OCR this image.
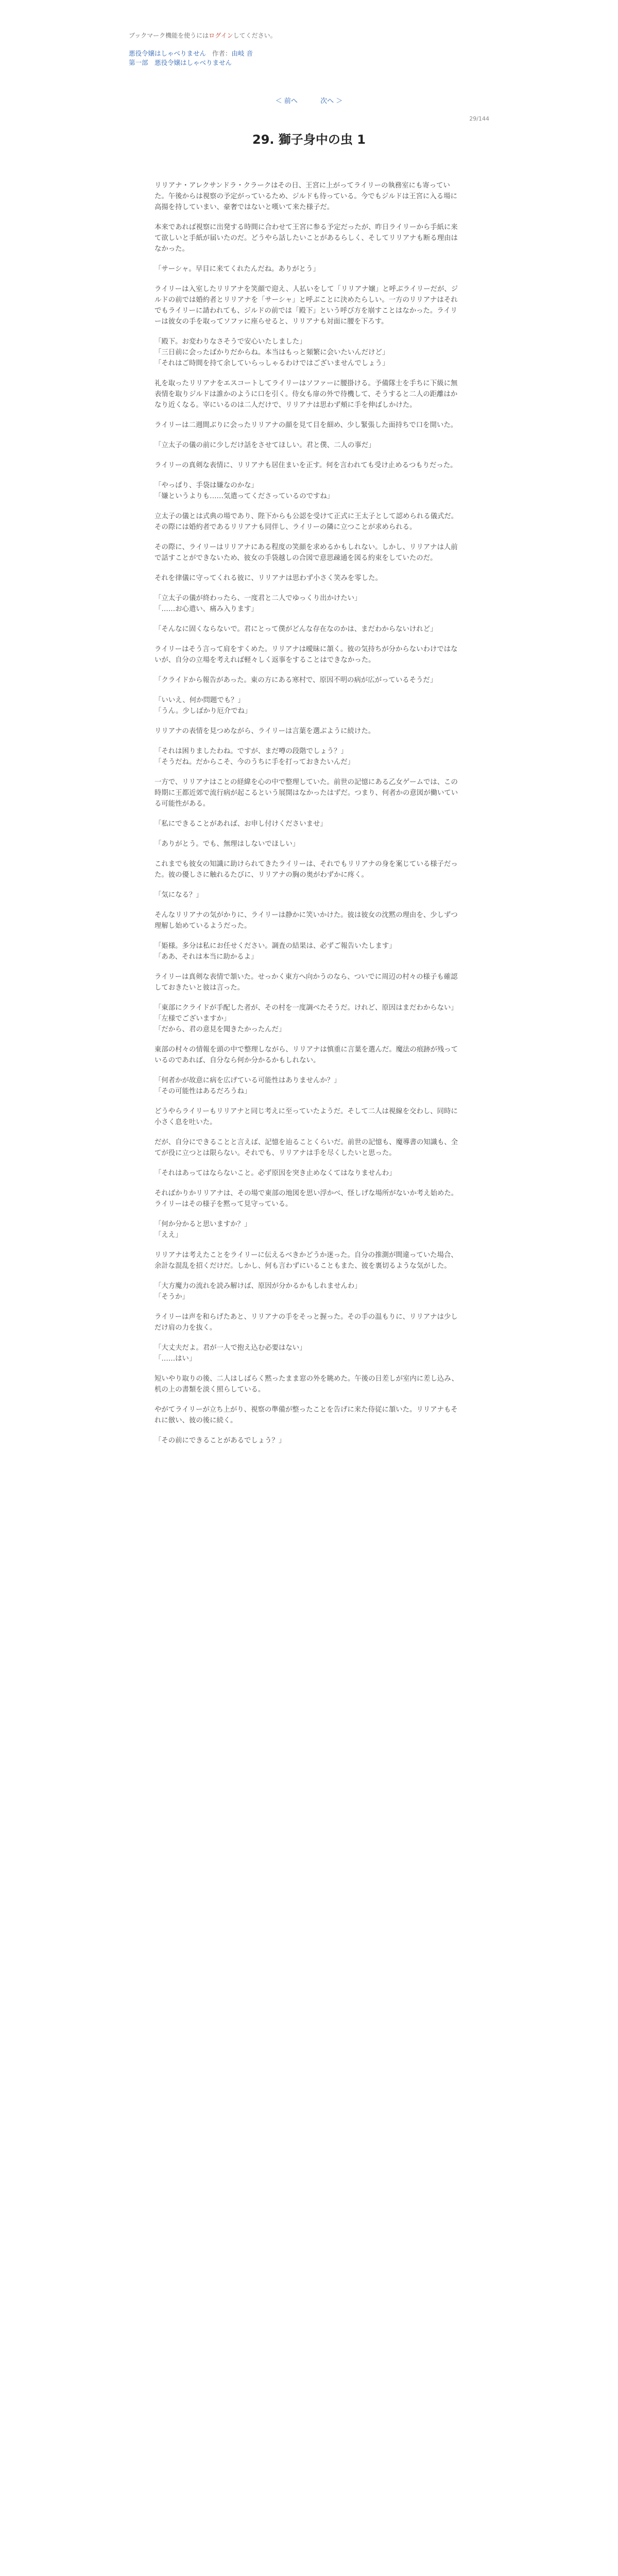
ブックマーク機能を使うにはログインしてください。
悪役令嬢はしゃべりません 作者：由岐 音
第一部　悪役令嬢はしゃべりません
＜ 前へ	次へ ＞
29/144
29. 獅子身中の虫 1

リリアナ・アレクサンドラ・クラークはその日、王宮に上がってライリーの執務室にも寄っていた。午後からは視察の予定がっているため、ジルドも待っている。今でもジルドは王宮に入る場に高揚を持していまい、豪奢ではないと嘆いて来た様子だ。

本来であれば視察に出発する時間に合わせて王宮に参る予定だったが、昨日ライリーから手紙に来て欲しいと手紙が届いたのだ。どうやら話したいことがあるらしく、そしてリリアナも断る理由はなかった。

「サーシャ。早目に来てくれたんだね。ありがとう」

ライリーは入室したリリアナを笑顔で迎え、人払いをして「リリアナ嬢」と呼ぶライリーだが、ジルドの前では婚約者とリリアナを「サーシャ」と呼ぶことに決めたらしい。一方のリリアナはそれでもライリーに請われても、ジルドの前では「殿下」という呼び方を崩すことはなかった。ライリーは彼女の手を取ってソファに座らせると、リリアナも対面に腰を下ろす。

「殿下。お変わりなさそうで安心いたしました」
「三日前に会ったばかりだからね。本当はもっと頻繁に会いたいんだけど」
「それはご時間を持て余していらっしゃるわけではございませんでしょう」

礼を取ったリリアナをエスコートしてライリーはソファーに腰掛ける。予備隊士を手ちに下級に無表情を取りジルドは誰かのように口を引く。侍女も扉の外で待機して、そうすると二人の距離はかなり近くなる。宰にいるのは二人だけで、リリアナは思わず頬に手を伸ばしかけた。

ライリーは二週間ぶりに会ったリリアナの顔を見て目を細め、少し緊張した面持ちで口を開いた。

「立太子の儀の前に少しだけ話をさせてほしい。君と僕、二人の事だ」

ライリーの真剣な表情に、リリアナも居住まいを正す。何を言われても受け止めるつもりだった。

「やっぱり、手袋は嫌なのかな」
「嫌というよりも……気遣ってくださっているのですね」

立太子の儀とは式典の場であり、陛下からも公認を受けて正式に王太子として認められる儀式だ。その際には婚約者であるリリアナも同伴し、ライリーの隣に立つことが求められる。

その際に、ライリーはリリアナにある程度の笑顔を求めるかもしれない。しかし、リリアナは人前で話すことができないため、彼女の手袋越しの合図で意思疎通を図る約束をしていたのだ。

それを律儀に守ってくれる彼に、リリアナは思わず小さく笑みを零した。

「立太子の儀が終わったら、一度君と二人でゆっくり出かけたい」
「……お心遣い、痛み入ります」

「そんなに固くならないで。君にとって僕がどんな存在なのかは、まだわからないけれど」

ライリーはそう言って肩をすくめた。リリアナは曖昧に頷く。彼の気持ちが分からないわけではないが、自分の立場を考えれば軽々しく返事をすることはできなかった。

「クライドから報告があった。東の方にある寒村で、原因不明の病が広がっているそうだ」

「いいえ、何か問題でも？」
「うん。少しばかり厄介でね」

リリアナの表情を見つめながら、ライリーは言葉を選ぶように続けた。

「それは困りましたわね。ですが、まだ噂の段階でしょう？」
「そうだね。だからこそ、今のうちに手を打っておきたいんだ」

一方で、リリアナはことの経緯を心の中で整理していた。前世の記憶にある乙女ゲームでは、この時期に王都近郊で流行病が起こるという展開はなかったはずだ。つまり、何者かの意図が働いている可能性がある。

「私にできることがあれば、お申し付けくださいませ」

「ありがとう。でも、無理はしないでほしい」

これまでも彼女の知識に助けられてきたライリーは、それでもリリアナの身を案じている様子だった。彼の優しさに触れるたびに、リリアナの胸の奥がわずかに疼く。

「気になる？」

そんなリリアナの気がかりに、ライリーは静かに笑いかけた。彼は彼女の沈黙の理由を、少しずつ理解し始めているようだった。

「姫様。多分は私にお任せください。調査の結果は、必ずご報告いたします」
「ああ、それは本当に助かるよ」

ライリーは真剣な表情で頷いた。せっかく東方へ向かうのなら、ついでに周辺の村々の様子も確認しておきたいと彼は言った。

「東部にクライドが手配した者が、その村を一度調べたそうだ。けれど、原因はまだわからない」
「左様でございますか」
「だから、君の意見を聞きたかったんだ」

東部の村々の情報を頭の中で整理しながら、リリアナは慎重に言葉を選んだ。魔法の痕跡が残っているのであれば、自分なら何か分かるかもしれない。

「何者かが故意に病を広げている可能性はありませんか？」
「その可能性はあるだろうね」

どうやらライリーもリリアナと同じ考えに至っていたようだ。そして二人は視線を交わし、同時に小さく息を吐いた。

だが、自分にできることと言えば、記憶を辿ることくらいだ。前世の記憶も、魔導書の知識も、全てが役に立つとは限らない。それでも、リリアナは手を尽くしたいと思った。

「それはあってはならないこと。必ず原因を突き止めなくてはなりませんわ」

そればかりかリリアナは、その場で東部の地図を思い浮かべ、怪しげな場所がないか考え始めた。ライリーはその様子を黙って見守っている。

「何か分かると思いますか？」
「ええ」

リリアナは考えたことをライリーに伝えるべきかどうか迷った。自分の推測が間違っていた場合、余計な混乱を招くだけだ。しかし、何も言わずにいることもまた、彼を裏切るような気がした。

「大方魔力の流れを読み解けば、原因が分かるかもしれませんわ」
「そうか」

ライリーは声を和らげたあと、リリアナの手をそっと握った。その手の温もりに、リリアナは少しだけ肩の力を抜く。

「大丈夫だよ。君が一人で抱え込む必要はない」
「……はい」

短いやり取りの後、二人はしばらく黙ったまま窓の外を眺めた。午後の日差しが室内に差し込み、机の上の書類を淡く照らしている。

やがてライリーが立ち上がり、視察の準備が整ったことを告げに来た侍従に頷いた。リリアナもそれに倣い、彼の後に続く。

「その前にできることがあるでしょう？」
